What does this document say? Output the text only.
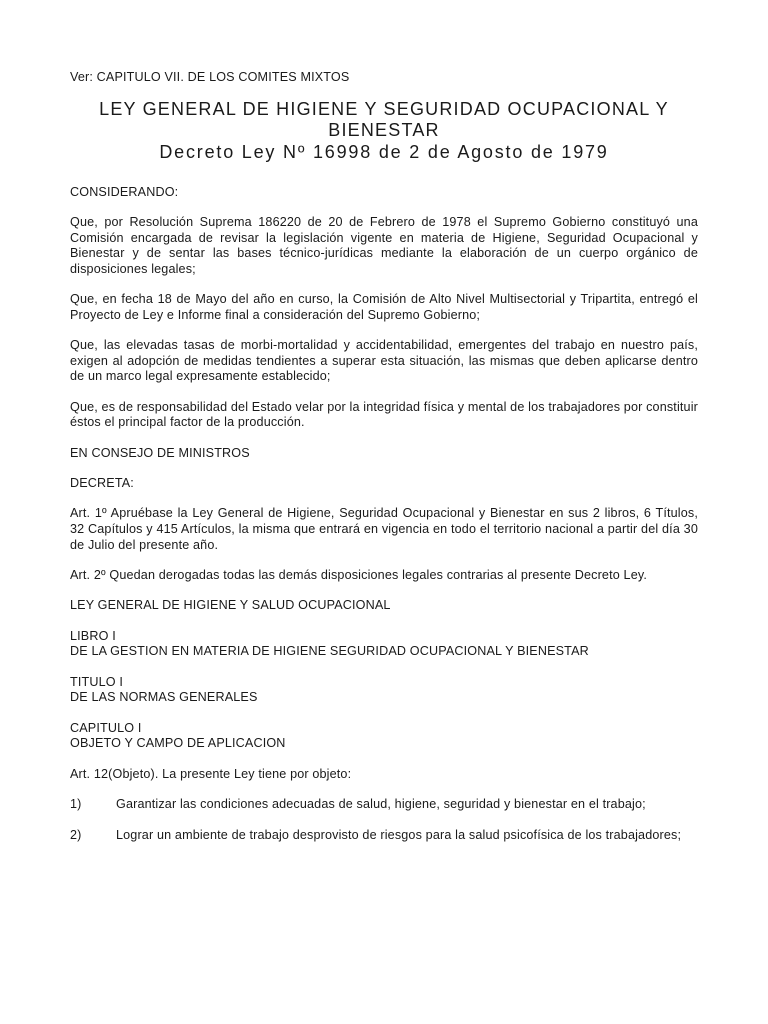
Ver: CAPITULO VII. DE LOS COMITES MIXTOS

LEY GENERAL DE HIGIENE Y SEGURIDAD OCUPACIONAL Y BIENESTAR
Decreto Ley Nº 16998 de 2 de Agosto de 1979

CONSIDERANDO:

Que, por Resolución Suprema 186220 de 20 de Febrero de 1978 el Supremo Gobierno constituyó una Comisión encargada de revisar la legislación vigente en materia de Higiene, Seguridad Ocupacional y Bienestar y de sentar las bases técnico-jurídicas mediante la elaboración de un cuerpo orgánico de disposiciones legales;

Que, en fecha 18 de Mayo del año en curso, la Comisión de Alto Nivel Multisectorial y Tripartita, entregó el Proyecto de Ley e Informe final a consideración del Supremo Gobierno;

Que, las elevadas tasas de morbi-mortalidad y accidentabilidad, emergentes del trabajo en nuestro país, exigen al adopción de medidas tendientes a superar esta situación, las mismas que deben aplicarse dentro de un marco legal expresamente establecido;

Que, es de responsabilidad del Estado velar por la integridad física y mental de los trabajadores por constituir éstos el principal factor de la producción.

EN CONSEJO DE MINISTROS

DECRETA:

Art. 1º Apruébase la Ley General de Higiene, Seguridad Ocupacional y Bienestar en sus 2 libros, 6 Títulos, 32 Capítulos y 415 Artículos, la misma que entrará en vigencia en todo el territorio nacional a partir del día 30 de Julio del presente año.

Art. 2º Quedan derogadas todas las demás disposiciones legales contrarias al presente Decreto Ley.

LEY GENERAL DE HIGIENE Y SALUD OCUPACIONAL

LIBRO I
DE LA GESTION EN MATERIA DE HIGIENE SEGURIDAD OCUPACIONAL Y BIENESTAR

TITULO I
DE LAS NORMAS GENERALES

CAPITULO I
OBJETO Y CAMPO DE APLICACION

Art. 12(Objeto). La presente Ley tiene por objeto:

1)	Garantizar las condiciones adecuadas de salud, higiene, seguridad y bienestar en el trabajo;

2)	Lograr un ambiente de trabajo desprovisto de riesgos para la salud psicofísica de los trabajadores;
